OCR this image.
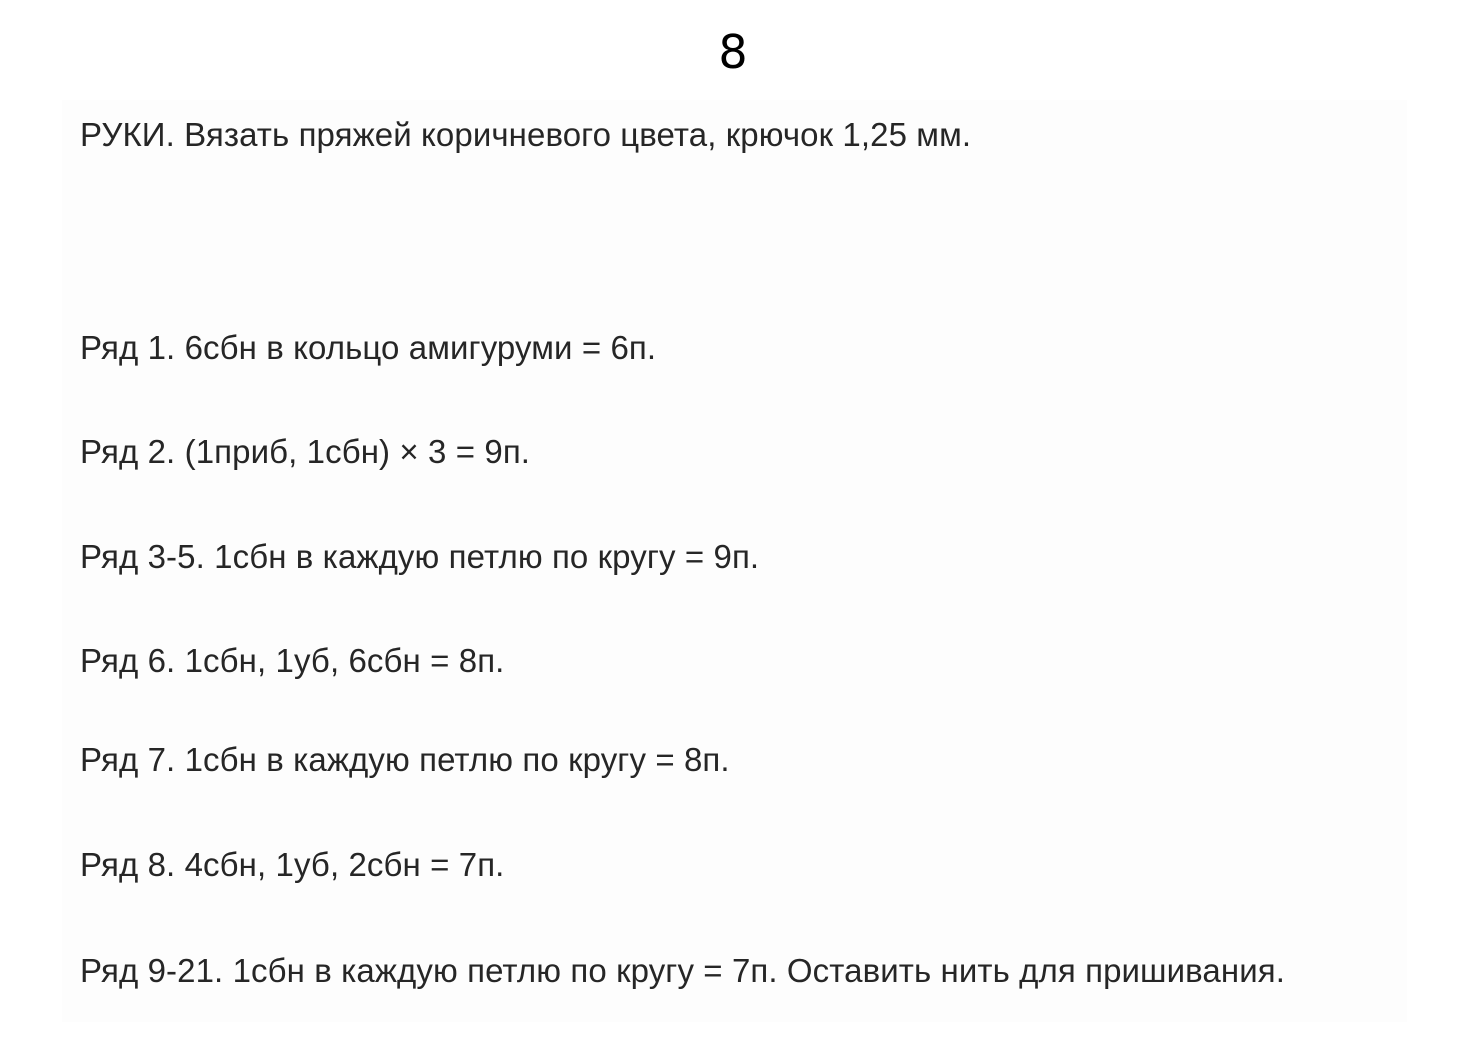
8
РУКИ. Вязать пряжей коричневого цвета, крючок 1,25 мм.
Ряд 1. 6сбн в кольцо амигуруми = 6п.
Ряд 2. (1приб, 1сбн) × 3 = 9п.
Ряд 3-5. 1сбн в каждую петлю по кругу = 9п.
Ряд 6. 1сбн, 1уб, 6сбн = 8п.
Ряд 7. 1сбн в каждую петлю по кругу = 8п.
Ряд 8. 4сбн, 1уб, 2сбн = 7п.
Ряд 9-21. 1сбн в каждую петлю по кругу = 7п. Оставить нить для пришивания.
